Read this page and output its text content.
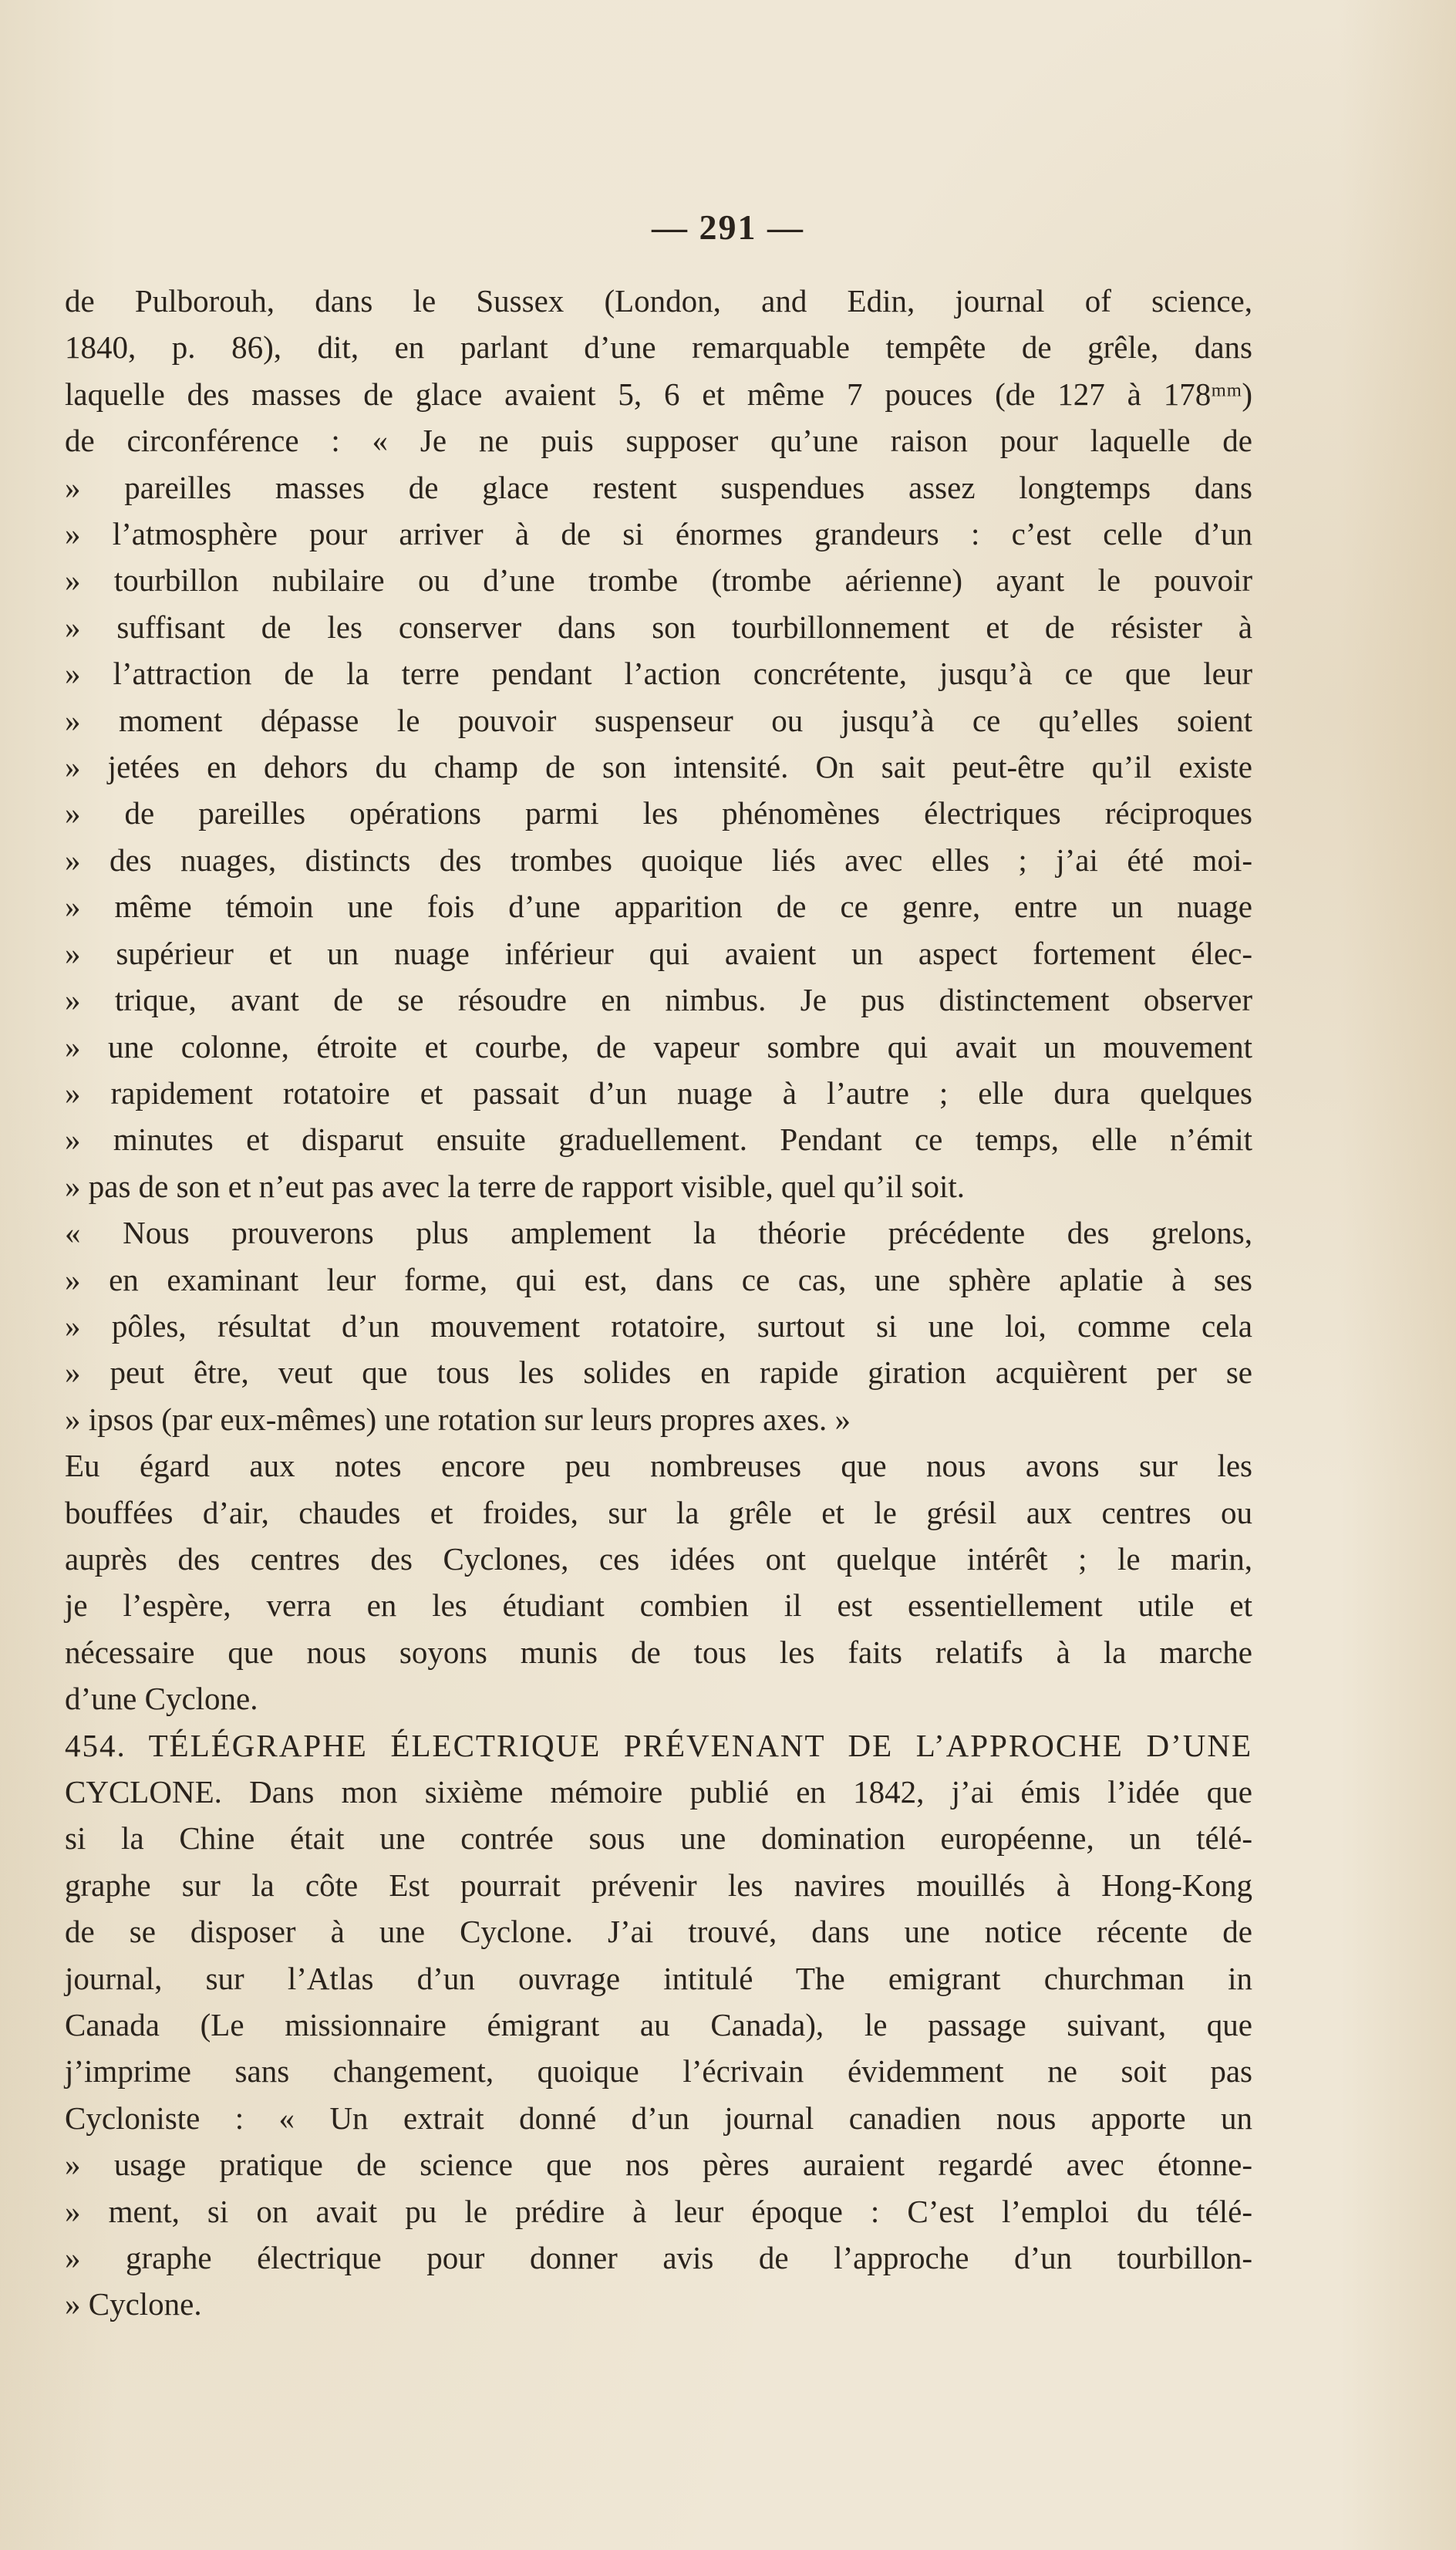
— 291 —
de Pulborouh, dans le Sussex (London, and Edin, journal of science,
1840, p. 86), dit, en parlant d’une remarquable tempête de grêle, dans
laquelle des masses de glace avaient 5, 6 et même 7 pouces (de 127 à 178ᵐᵐ)
de circonférence : « Je ne puis supposer qu’une raison pour laquelle de
» pareilles masses de glace restent suspendues assez longtemps dans
» l’atmosphère pour arriver à de si énormes grandeurs : c’est celle d’un
» tourbillon nubilaire ou d’une trombe (trombe aérienne) ayant le pouvoir
» suffisant de les conserver dans son tourbillonnement et de résister à
» l’attraction de la terre pendant l’action concrétente, jusqu’à ce que leur
» moment dépasse le pouvoir suspenseur ou jusqu’à ce qu’elles soient
» jetées en dehors du champ de son intensité. On sait peut-être qu’il existe
» de pareilles opérations parmi les phénomènes électriques réciproques
» des nuages, distincts des trombes quoique liés avec elles ; j’ai été moi-
» même témoin une fois d’une apparition de ce genre, entre un nuage
» supérieur et un nuage inférieur qui avaient un aspect fortement élec-
» trique, avant de se résoudre en nimbus. Je pus distinctement observer
» une colonne, étroite et courbe, de vapeur sombre qui avait un mouvement
» rapidement rotatoire et passait d’un nuage à l’autre ; elle dura quelques
» minutes et disparut ensuite graduellement. Pendant ce temps, elle n’émit
» pas de son et n’eut pas avec la terre de rapport visible, quel qu’il soit.
« Nous prouverons plus amplement la théorie précédente des grelons,
» en examinant leur forme, qui est, dans ce cas, une sphère aplatie à ses
» pôles, résultat d’un mouvement rotatoire, surtout si une loi, comme cela
» peut être, veut que tous les solides en rapide giration acquièrent per se
» ipsos (par eux-mêmes) une rotation sur leurs propres axes. »
Eu égard aux notes encore peu nombreuses que nous avons sur les
bouffées d’air, chaudes et froides, sur la grêle et le grésil aux centres ou
auprès des centres des Cyclones, ces idées ont quelque intérêt ; le marin,
je l’espère, verra en les étudiant combien il est essentiellement utile et
nécessaire que nous soyons munis de tous les faits relatifs à la marche
d’une Cyclone.
454. TÉLÉGRAPHE ÉLECTRIQUE PRÉVENANT DE L’APPROCHE D’UNE
CYCLONE. Dans mon sixième mémoire publié en 1842, j’ai émis l’idée que
si la Chine était une contrée sous une domination européenne, un télé-
graphe sur la côte Est pourrait prévenir les navires mouillés à Hong-Kong
de se disposer à une Cyclone. J’ai trouvé, dans une notice récente de
journal, sur l’Atlas d’un ouvrage intitulé The emigrant churchman in
Canada (Le missionnaire émigrant au Canada), le passage suivant, que
j’imprime sans changement, quoique l’écrivain évidemment ne soit pas
Cycloniste : « Un extrait donné d’un journal canadien nous apporte un
» usage pratique de science que nos pères auraient regardé avec étonne-
» ment, si on avait pu le prédire à leur époque : C’est l’emploi du télé-
» graphe électrique pour donner avis de l’approche d’un tourbillon-
» Cyclone.
